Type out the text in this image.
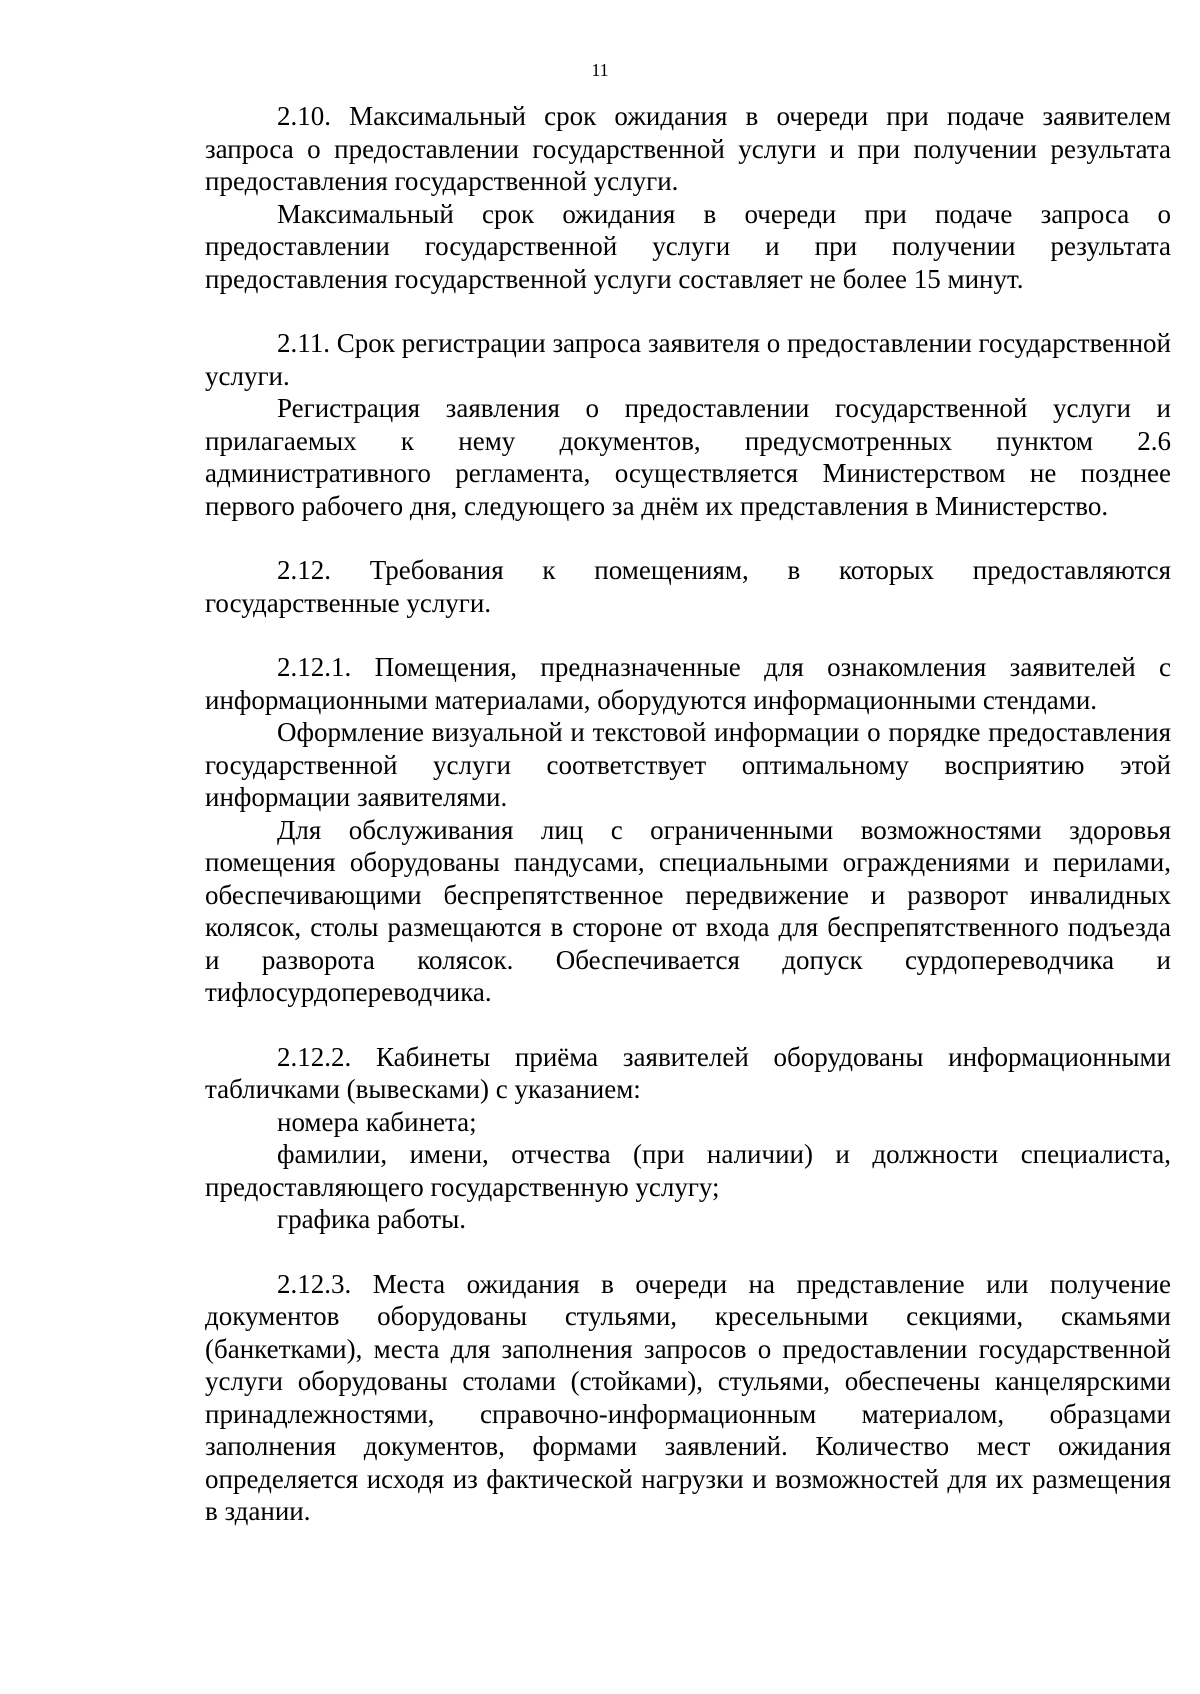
11

2.10. Максимальный срок ожидания в очереди при подаче заявителем запроса о предоставлении государственной услуги и при получении результата предоставления государственной услуги.

Максимальный срок ожидания в очереди при подаче запроса о предоставлении государственной услуги и при получении результата предоставления государственной услуги составляет не более 15 минут.

2.11. Срок регистрации запроса заявителя о предоставлении государственной услуги.

Регистрация заявления о предоставлении государственной услуги и прилагаемых к нему документов, предусмотренных пунктом 2.6 административного регламента, осуществляется Министерством не позднее первого рабочего дня, следующего за днём их представления в Министерство.

2.12. Требования к помещениям, в которых предоставляются государственные услуги.

2.12.1. Помещения, предназначенные для ознакомления заявителей с информационными материалами, оборудуются информационными стендами.

Оформление визуальной и текстовой информации о порядке предоставления государственной услуги соответствует оптимальному восприятию этой информации заявителями.

Для обслуживания лиц с ограниченными возможностями здоровья помещения оборудованы пандусами, специальными ограждениями и перилами, обеспечивающими беспрепятственное передвижение и разворот инвалидных колясок, столы размещаются в стороне от входа для беспрепятственного подъезда и разворота колясок. Обеспечивается допуск сурдопереводчика и тифлосурдопереводчика.

2.12.2. Кабинеты приёма заявителей оборудованы информационными табличками (вывесками) с указанием:

номера кабинета;

фамилии, имени, отчества (при наличии) и должности специалиста, предоставляющего государственную услугу;

графика работы.

2.12.3. Места ожидания в очереди на представление или получение документов оборудованы стульями, кресельными секциями, скамьями (банкетками), места для заполнения запросов о предоставлении государственной услуги оборудованы столами (стойками), стульями, обеспечены канцелярскими принадлежностями, справочно-информационным материалом, образцами заполнения документов, формами заявлений. Количество мест ожидания определяется исходя из фактической нагрузки и возможностей для их размещения в здании.
